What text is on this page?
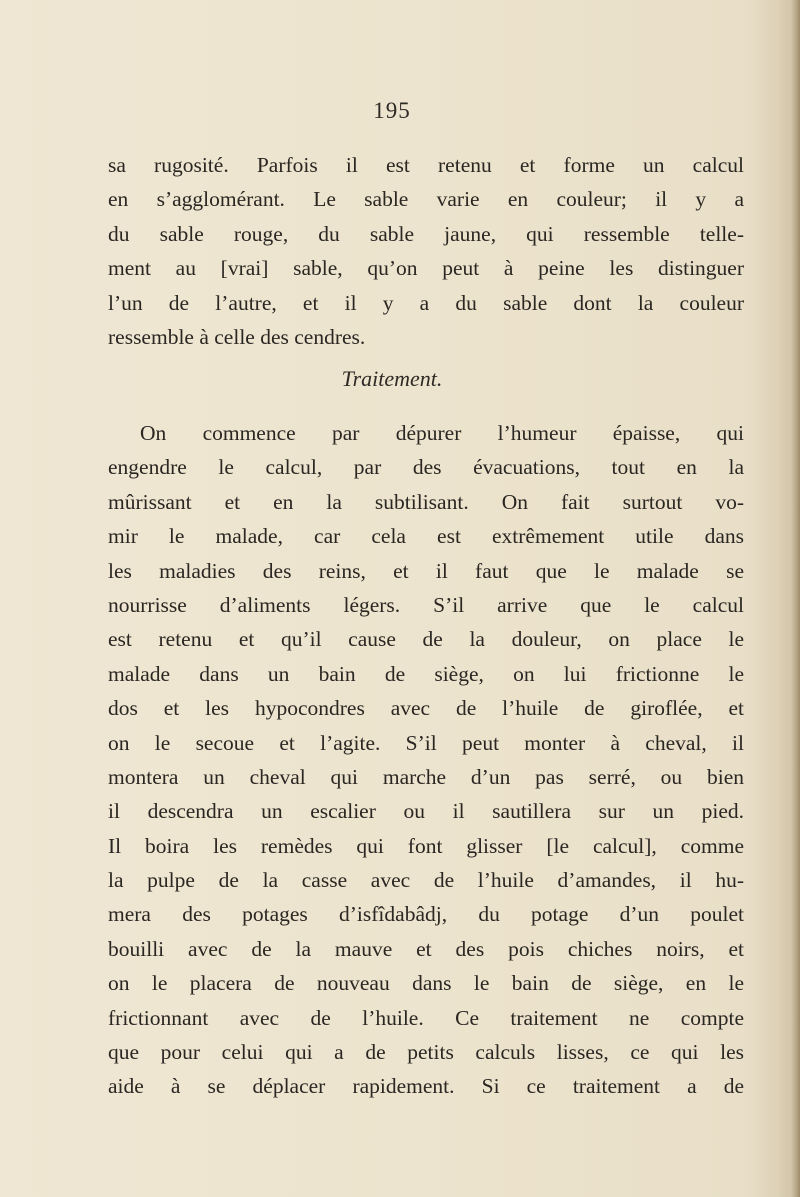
195
sa rugosité. Parfois il est retenu et forme un calcul
en s’agglomérant. Le sable varie en couleur; il y a
du sable rouge, du sable jaune, qui ressemble telle-
ment au [vrai] sable, qu’on peut à peine les distinguer
l’un de l’autre, et il y a du sable dont la couleur
ressemble à celle des cendres.
Traitement.
On commence par dépurer l’humeur épaisse, qui
engendre le calcul, par des évacuations, tout en la
mûrissant et en la subtilisant. On fait surtout vo-
mir le malade, car cela est extrêmement utile dans
les maladies des reins, et il faut que le malade se
nourrisse d’aliments légers. S’il arrive que le calcul
est retenu et qu’il cause de la douleur, on place le
malade dans un bain de siège, on lui frictionne le
dos et les hypocondres avec de l’huile de giroflée, et
on le secoue et l’agite. S’il peut monter à cheval, il
montera un cheval qui marche d’un pas serré, ou bien
il descendra un escalier ou il sautillera sur un pied.
Il boira les remèdes qui font glisser [le calcul], comme
la pulpe de la casse avec de l’huile d’amandes, il hu-
mera des potages d’isfîdabâdj, du potage d’un poulet
bouilli avec de la mauve et des pois chiches noirs, et
on le placera de nouveau dans le bain de siège, en le
frictionnant avec de l’huile. Ce traitement ne compte
que pour celui qui a de petits calculs lisses, ce qui les
aide à se déplacer rapidement. Si ce traitement a de
